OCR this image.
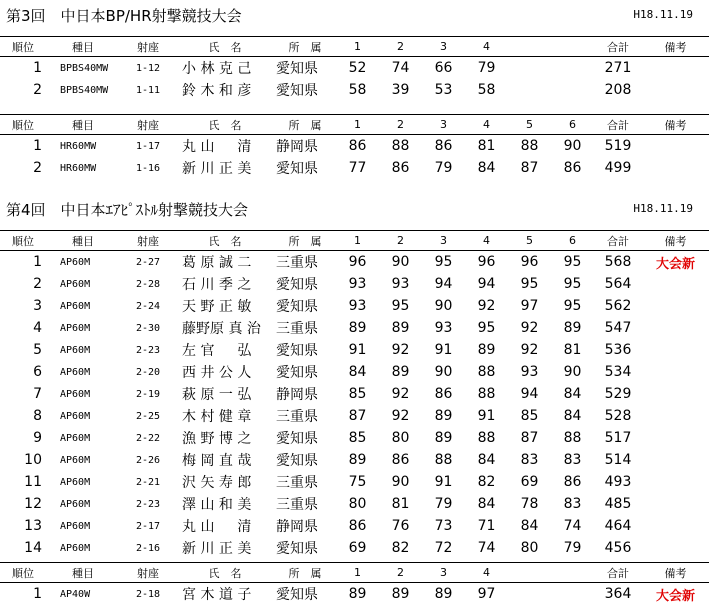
第3回　中日本BP/HR射撃競技大会	H18.11.19
順位	種目	射座	氏　名	所　属	1	2	3	4			合計	備考
1	BPBS40MW	1-12	小 林 克 己	愛知県	52	74	66	79			271	
2	BPBS40MW	1-11	鈴 木 和 彦	愛知県	58	39	53	58			208	
順位	種目	射座	氏　名	所　属	1	2	3	4	5	6	合計	備考
1	HR60MW	1-17	丸 山 　 清	静岡県	86	88	86	81	88	90	519	
2	HR60MW	1-16	新 川 正 美	愛知県	77	86	79	84	87	86	499	
第4回　中日本ｴｱﾋﾟｽﾄﾙ射撃競技大会	H18.11.19
順位	種目	射座	氏　名	所　属	1	2	3	4	5	6	合計	備考
1	AP60M	2-27	葛 原 誠 二	三重県	96	90	95	96	96	95	568	大会新
2	AP60M	2-28	石 川 季 之	愛知県	93	93	94	94	95	95	564	
3	AP60M	2-24	天 野 正 敏	愛知県	93	95	90	92	97	95	562	
4	AP60M	2-30	藤野原 真 治	三重県	89	89	93	95	92	89	547	
5	AP60M	2-23	左 官 　 弘	愛知県	91	92	91	89	92	81	536	
6	AP60M	2-20	西 井 公 人	愛知県	84	89	90	88	93	90	534	
7	AP60M	2-19	萩 原 一 弘	静岡県	85	92	86	88	94	84	529	
8	AP60M	2-25	木 村 健 章	三重県	87	92	89	91	85	84	528	
9	AP60M	2-22	漁 野 博 之	愛知県	85	80	89	88	87	88	517	
10	AP60M	2-26	梅 岡 直 哉	愛知県	89	86	88	84	83	83	514	
11	AP60M	2-21	沢 矢 寿 郎	三重県	75	90	91	82	69	86	493	
12	AP60M	2-23	澤 山 和 美	三重県	80	81	79	84	78	83	485	
13	AP60M	2-17	丸 山 　 清	静岡県	86	76	73	71	84	74	464	
14	AP60M	2-16	新 川 正 美	愛知県	69	82	72	74	80	79	456	
順位	種目	射座	氏　名	所　属	1	2	3	4			合計	備考
1	AP40W	2-18	宮 木 道 子	愛知県	89	89	89	97			364	大会新
